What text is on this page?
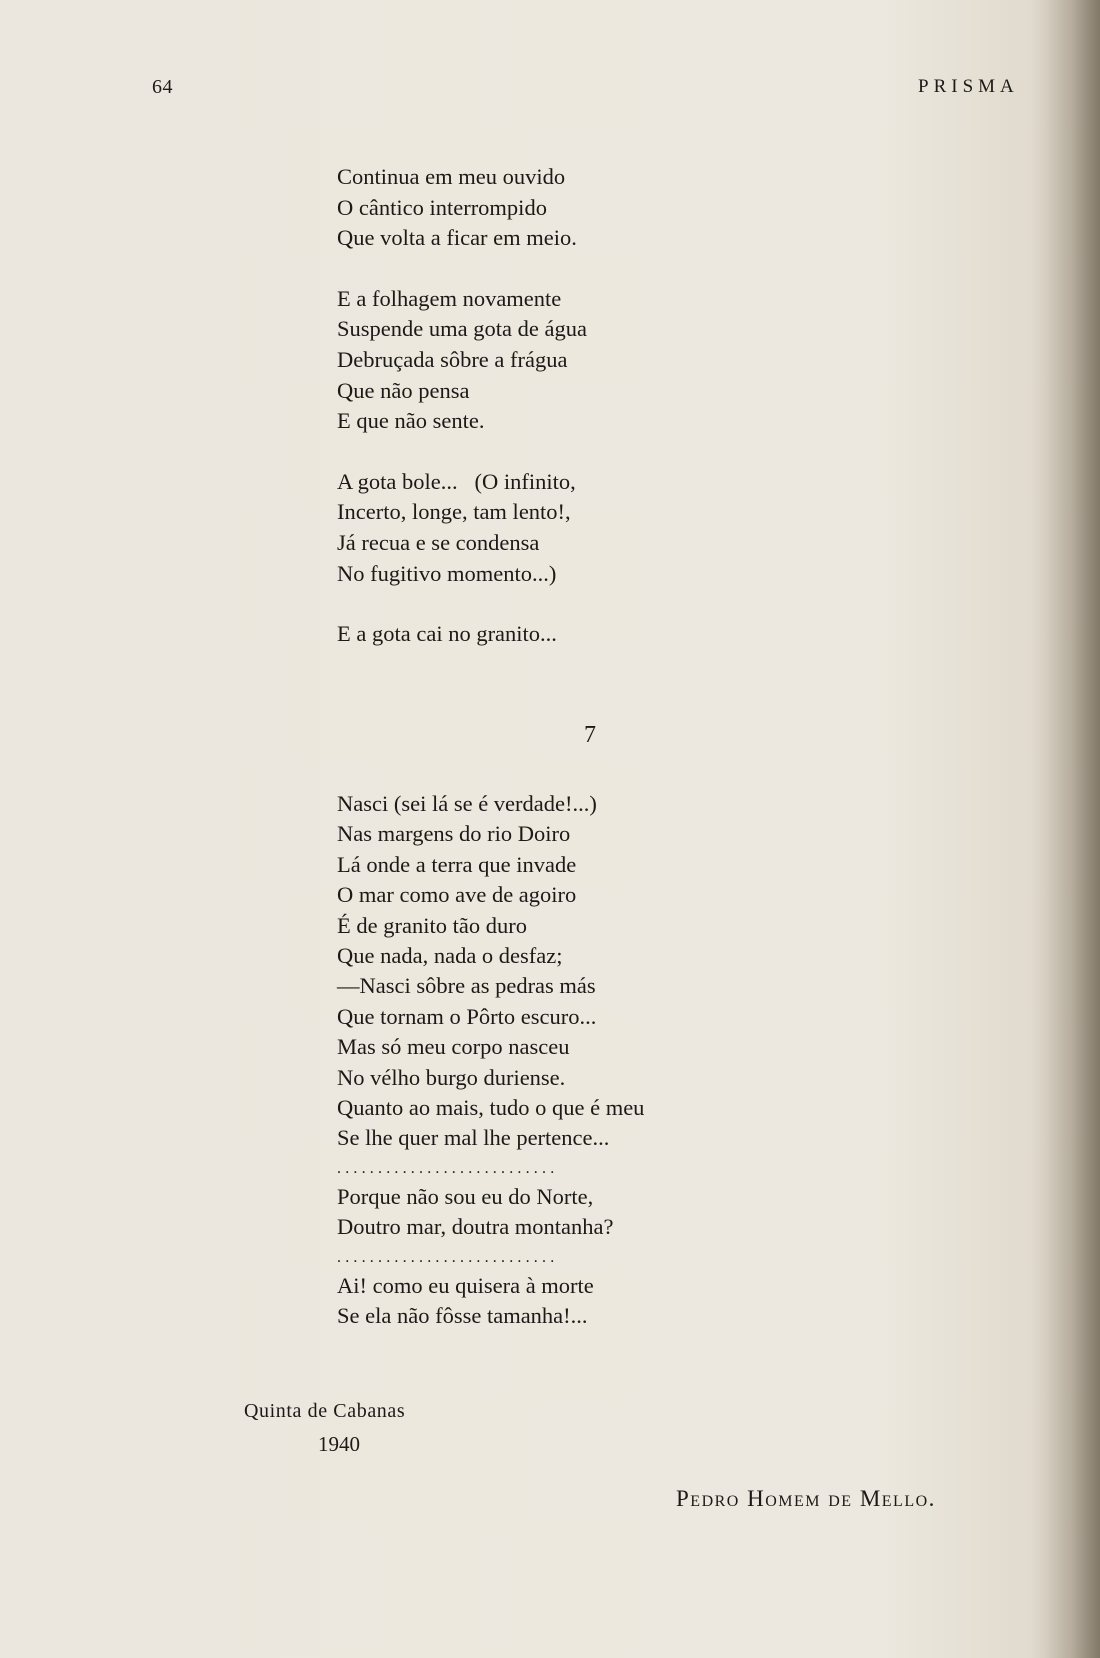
64	PRISMA
Continua em meu ouvido
O cântico interrompido
Que volta a ficar em meio.
E a folhagem novamente
Suspende uma gota de água
Debruçada sôbre a frágua
Que não pensa
E que não sente.
A gota bole...   (O infinito,
Incerto, longe, tam lento!,
Já recua e se condensa
No fugitivo momento...)
E a gota cai no granito...
7
Nasci (sei lá se é verdade!...)
Nas margens do rio Doiro
Lá onde a terra que invade
O mar como ave de agoiro
É de granito tão duro
Que nada, nada o desfaz;
—Nasci sôbre as pedras más
Que tornam o Pôrto escuro...
Mas só meu corpo nasceu
No vélho burgo duriense.
Quanto ao mais, tudo o que é meu
Se lhe quer mal lhe pertence...
...........................
Porque não sou eu do Norte,
Doutro mar, doutra montanha?
...........................
Ai! como eu quisera à morte
Se ela não fôsse tamanha!...
Quinta de Cabanas
1940
Pedro Homem de Mello.
